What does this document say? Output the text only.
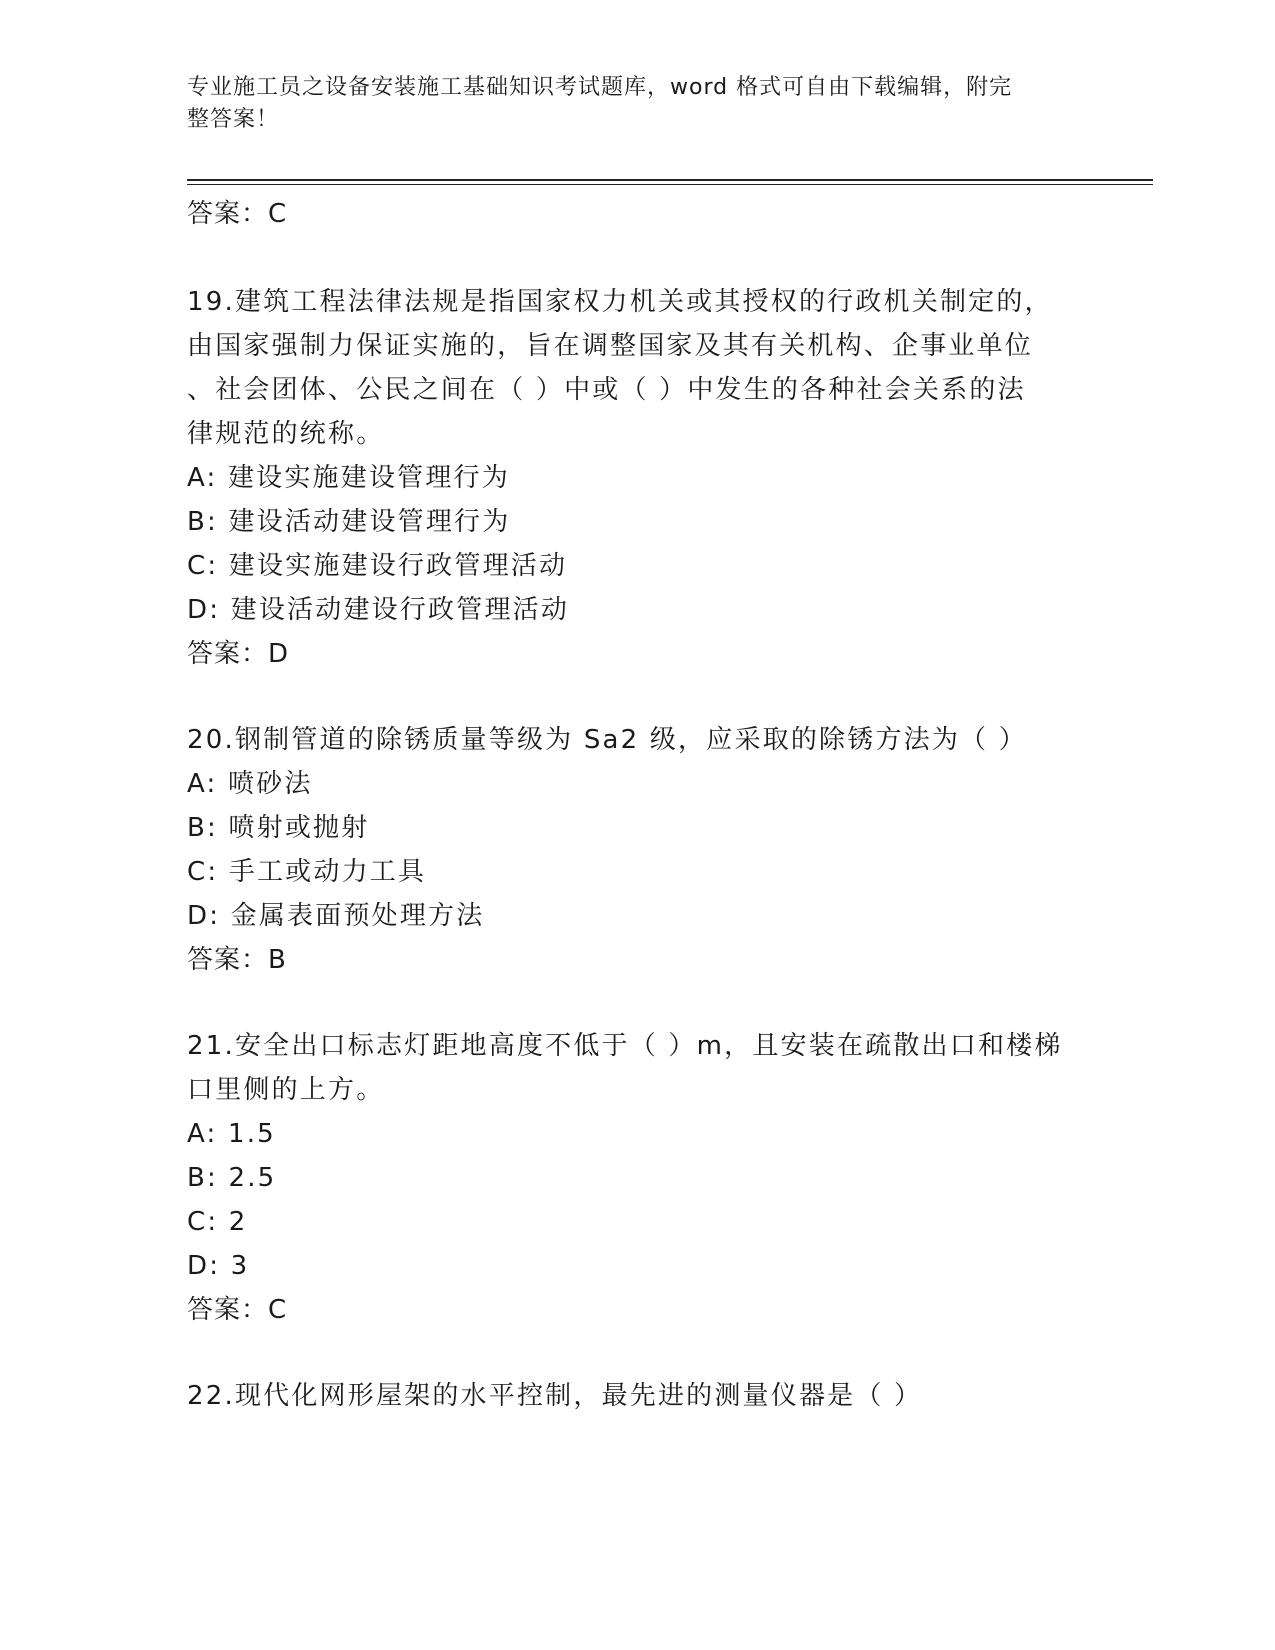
专业施工员之设备安装施工基础知识考试题库，word 格式可自由下载编辑，附完
整答案！
答案：C
19.建筑工程法律法规是指国家权力机关或其授权的行政机关制定的，
由国家强制力保证实施的，旨在调整国家及其有关机构、企事业单位
、社会团体、公民之间在（ ）中或（ ）中发生的各种社会关系的法
律规范的统称。
A: 建设实施建设管理行为
B: 建设活动建设管理行为
C: 建设实施建设行政管理活动
D: 建设活动建设行政管理活动
答案：D
20.钢制管道的除锈质量等级为 Sa2 级，应采取的除锈方法为（ ）
A: 喷砂法
B: 喷射或抛射
C: 手工或动力工具
D: 金属表面预处理方法
答案：B
21.安全出口标志灯距地高度不低于（ ）m，且安装在疏散出口和楼梯
口里侧的上方。
A: 1.5
B: 2.5
C: 2
D: 3
答案：C
22.现代化网形屋架的水平控制，最先进的测量仪器是（ ）
